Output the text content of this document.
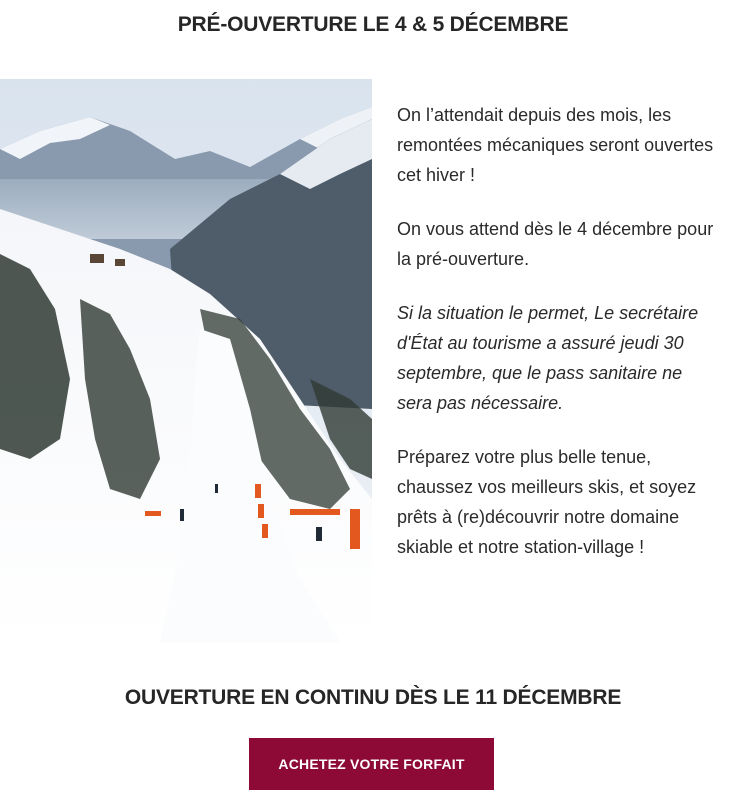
PRÉ-OUVERTURE LE 4 & 5 DÉCEMBRE

On l’attendait depuis des mois, les remontées mécaniques seront ouvertes cet hiver !

On vous attend dès le 4 décembre pour la pré-ouverture.

Si la situation le permet, Le secrétaire d'État au tourisme a assuré jeudi 30 septembre, que le pass sanitaire ne sera pas nécessaire.

Préparez votre plus belle tenue, chaussez vos meilleurs skis, et soyez prêts à (re)découvrir notre domaine skiable et notre station-village !

OUVERTURE EN CONTINU DÈS LE 11 DÉCEMBRE
ACHETEZ VOTRE FORFAIT
